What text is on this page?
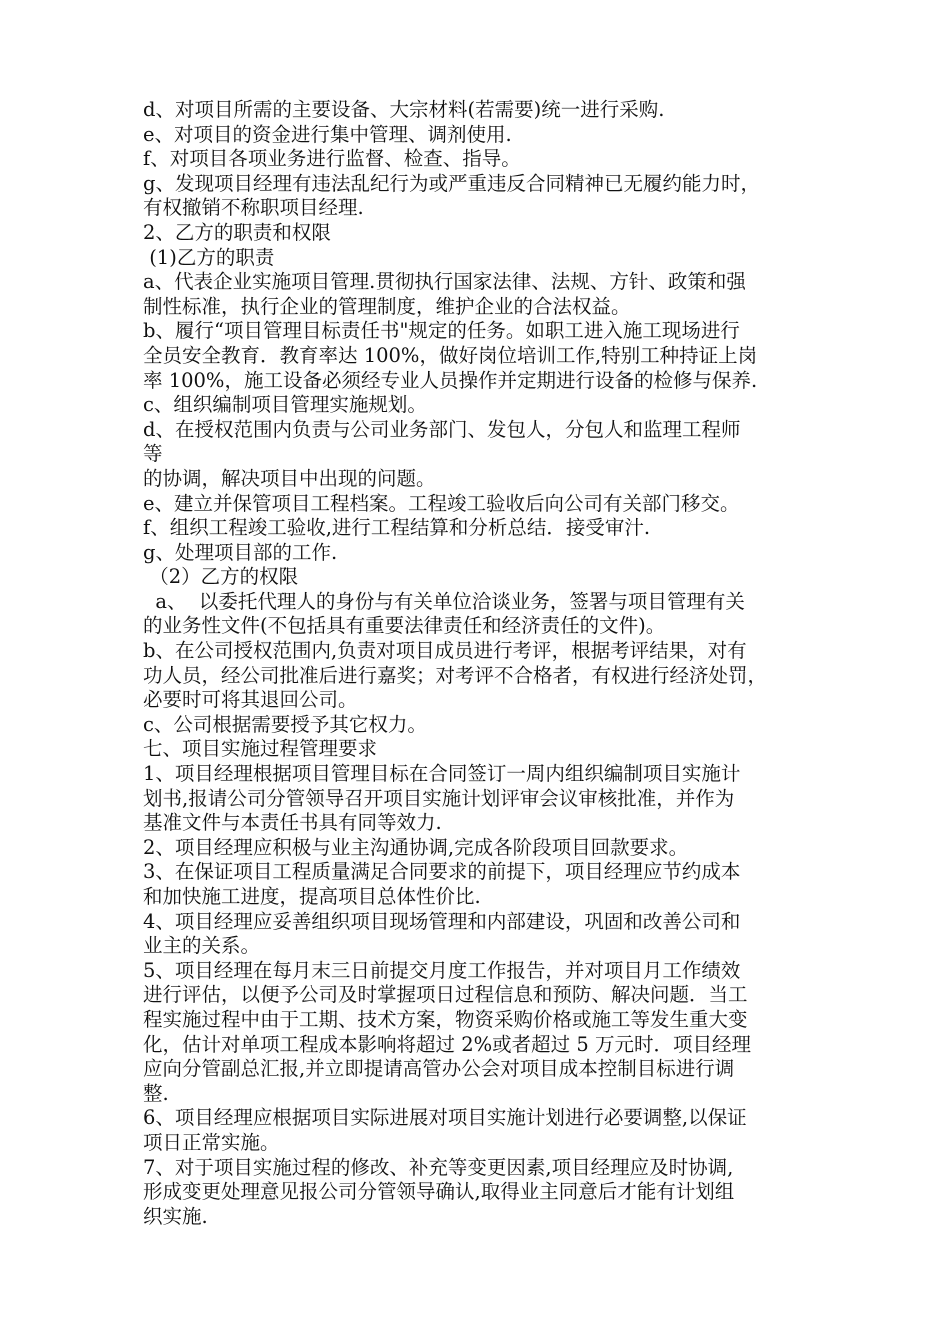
d、对项目所需的主要设备、大宗材料(若需要)统一进行采购.
e、对项目的资金进行集中管理、调剂使用.
f、对项目各项业务进行监督、检查、指导。
g、发现项目经理有违法乱纪行为或严重违反合同精神已无履约能力时，
有权撤销不称职项目经理.
2、乙方的职责和权限
(1)乙方的职责
a、代表企业实施项目管理.贯彻执行国家法律、法规、方针、政策和强
制性标准，执行企业的管理制度，维护企业的合法权益。
b、履行“项目管理目标责任书"规定的任务。如职工进入施工现场进行
全员安全教育．教育率达 100%，做好岗位培训工作,特别工种持证上岗
率 100%，施工设备必须经专业人员操作并定期进行设备的检修与保养.
c、组织编制项目管理实施规划。
d、在授权范围内负责与公司业务部门、发包人，分包人和监理工程师
等
的协调，解决项目中出现的问题。
e、建立并保管项目工程档案。工程竣工验收后向公司有关部门移交。
f、组织工程竣工验收,进行工程结算和分析总结．接受审汁.
g、处理项目部的工作.
（2）乙方的权限
a、  以委托代理人的身份与有关单位洽谈业务，签署与项目管理有关
的业务性文件(不包括具有重要法律责任和经济责任的文件)。
b、在公司授权范围内,负责对项目成员进行考评，根据考评结果，对有
功人员，经公司批准后进行嘉奖；对考评不合格者，有权进行经济处罚，
必要时可将其退回公司。
c、公司根据需要授予其它权力。
七、项目实施过程管理要求
1、项目经理根据项目管理目标在合同签订一周内组织编制项目实施计
划书,报请公司分管领导召开项目实施计划评审会议审核批准，并作为
基准文件与本责任书具有同等效力.
2、项目经理应积极与业主沟通协调,完成各阶段项目回款要求。
3、在保证项目工程质量满足合同要求的前提下，项目经理应节约成本
和加快施工进度，提高项目总体性价比.
4、项目经理应妥善组织项目现场管理和内部建设，巩固和改善公司和
业主的关系。
5、项目经理在每月末三日前提交月度工作报告，并对项目月工作绩效
进行评估，以便予公司及时掌握项日过程信息和预防、解决问题．当工
程实施过程中由于工期、技术方案，物资采购价格或施工等发生重大变
化，估计对单项工程成本影响将超过 2%或者超过 5 万元时．项目经理
应向分管副总汇报,并立即提请高管办公会对项目成本控制目标进行调
整.
6、项目经理应根据项目实际进展对项目实施计划进行必要调整,以保证
项日正常实施。
7、对于项目实施过程的修改、补充等变更因素,项目经理应及时协调,
形成变更处理意见报公司分管领导确认,取得业主同意后才能有计划组
织实施.
